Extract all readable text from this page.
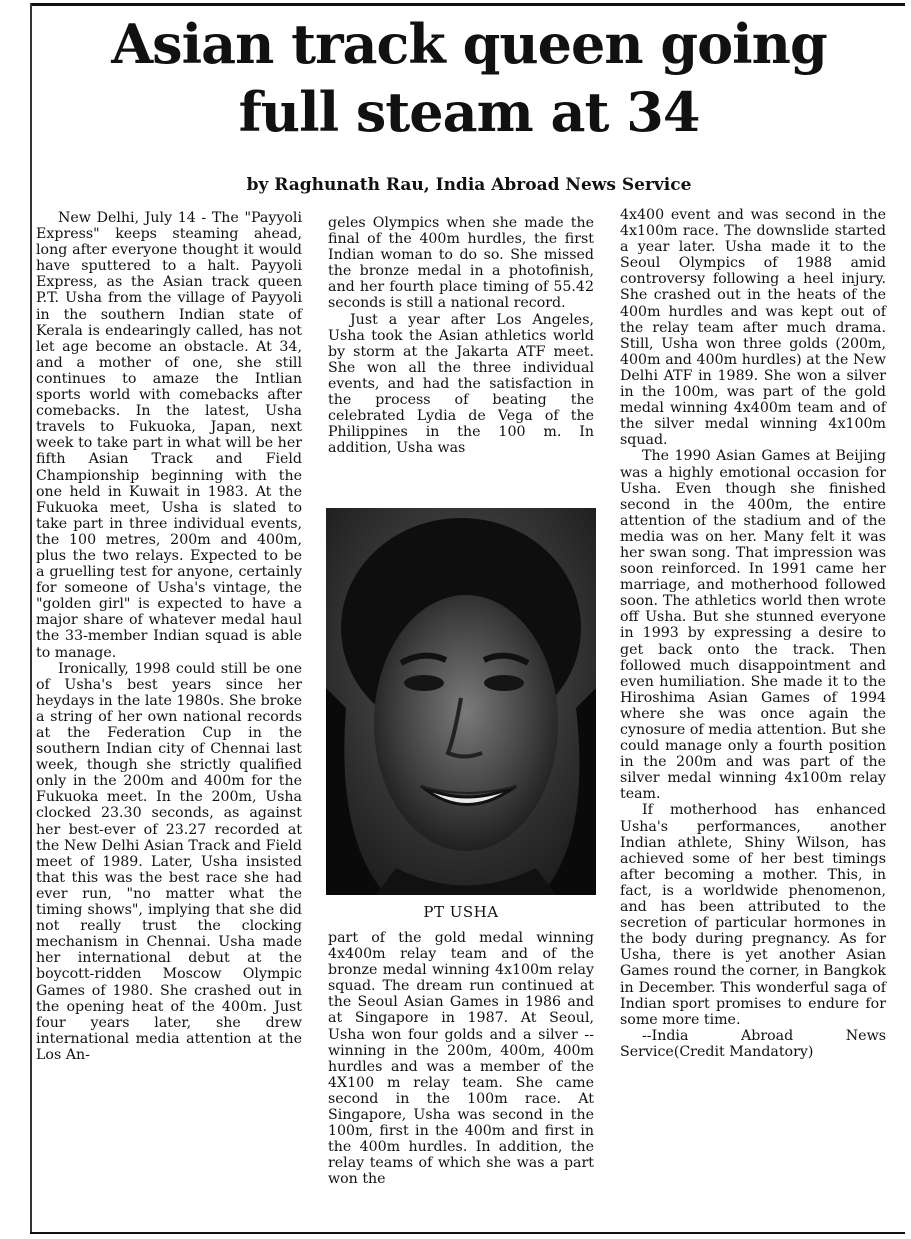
Asian track queen going
full steam at 34

by Raghunath Rau, India Abroad News Service

New Delhi, July 14 - The "Payyoli Express" keeps steaming ahead, long after everyone thought it would have sputtered to a halt. Payyoli Express, as the Asian track queen P.T. Usha from the village of Payyoli in the southern Indian state of Kerala is endearingly called, has not let age become an obstacle. At 34, and a mother of one, she still continues to amaze the Intlian sports world with comebacks after comebacks. In the latest, Usha travels to Fukuoka, Japan, next week to take part in what will be her fifth Asian Track and Field Championship beginning with the one held in Kuwait in 1983. At the Fukuoka meet, Usha is slated to take part in three individual events, the 100 metres, 200m and 400m, plus the two relays. Expected to be a gruelling test for anyone, certainly for someone of Usha's vintage, the "golden girl" is expected to have a major share of whatever medal haul the 33-member Indian squad is able to manage.

Ironically, 1998 could still be one of Usha's best years since her heydays in the late 1980s. She broke a string of her own national records at the Federation Cup in the southern Indian city of Chennai last week, though she strictly qualified only in the 200m and 400m for the Fukuoka meet. In the 200m, Usha clocked 23.30 seconds, as against her best-ever of 23.27 recorded at the New Delhi Asian Track and Field meet of 1989. Later, Usha insisted that this was the best race she had ever run, "no matter what the timing shows", implying that she did not really trust the clocking mechanism in Chennai. Usha made her international debut at the boycott-ridden Moscow Olympic Games of 1980. She crashed out in the opening heat of the 400m. Just four years later, she drew international media attention at the Los An-

geles Olympics when she made the final of the 400m hurdles, the first Indian woman to do so. She missed the bronze medal in a photofinish, and her fourth place timing of 55.42 seconds is still a national record.

Just a year after Los Angeles, Usha took the Asian athletics world by storm at the Jakarta ATF meet. She won all the three individual events, and had the satisfaction in the process of beating the celebrated Lydia de Vega of the Philippines in the 100 m. In addition, Usha was

PT USHA

part of the gold medal winning 4x400m relay team and of the bronze medal winning 4x100m relay squad. The dream run continued at the Seoul Asian Games in 1986 and at Singapore in 1987. At Seoul, Usha won four golds and a silver -- winning in the 200m, 400m, 400m hurdles and was a member of the 4X100 m relay team. She came second in the 100m race. At Singapore, Usha was second in the 100m, first in the 400m and first in the 400m hurdles. In addition, the relay teams of which she was a part won the

4x400 event and was second in the 4x100m race. The downslide started a year later. Usha made it to the Seoul Olympics of 1988 amid controversy following a heel injury. She crashed out in the heats of the 400m hurdles and was kept out of the relay team after much drama. Still, Usha won three golds (200m, 400m and 400m hurdles) at the New Delhi ATF in 1989. She won a silver in the 100m, was part of the gold medal winning 4x400m team and of the silver medal winning 4x100m squad.

The 1990 Asian Games at Beijing was a highly emotional occasion for Usha. Even though she finished second in the 400m, the entire attention of the stadium and of the media was on her. Many felt it was her swan song. That impression was soon reinforced. In 1991 came her marriage, and motherhood followed soon. The athletics world then wrote off Usha. But she stunned everyone in 1993 by expressing a desire to get back onto the track. Then followed much disappointment and even humiliation. She made it to the Hiroshima Asian Games of 1994 where she was once again the cynosure of media attention. But she could manage only a fourth position in the 200m and was part of the silver medal winning 4x100m relay team.

If motherhood has enhanced Usha's performances, another Indian athlete, Shiny Wilson, has achieved some of her best timings after becoming a mother. This, in fact, is a worldwide phenomenon, and has been attributed to the secretion of particular hormones in the body during pregnancy. As for Usha, there is yet another Asian Games round the corner, in Bangkok in December. This wonderful saga of Indian sport promises to endure for some more time.

--India Abroad News Service(Credit Mandatory)
